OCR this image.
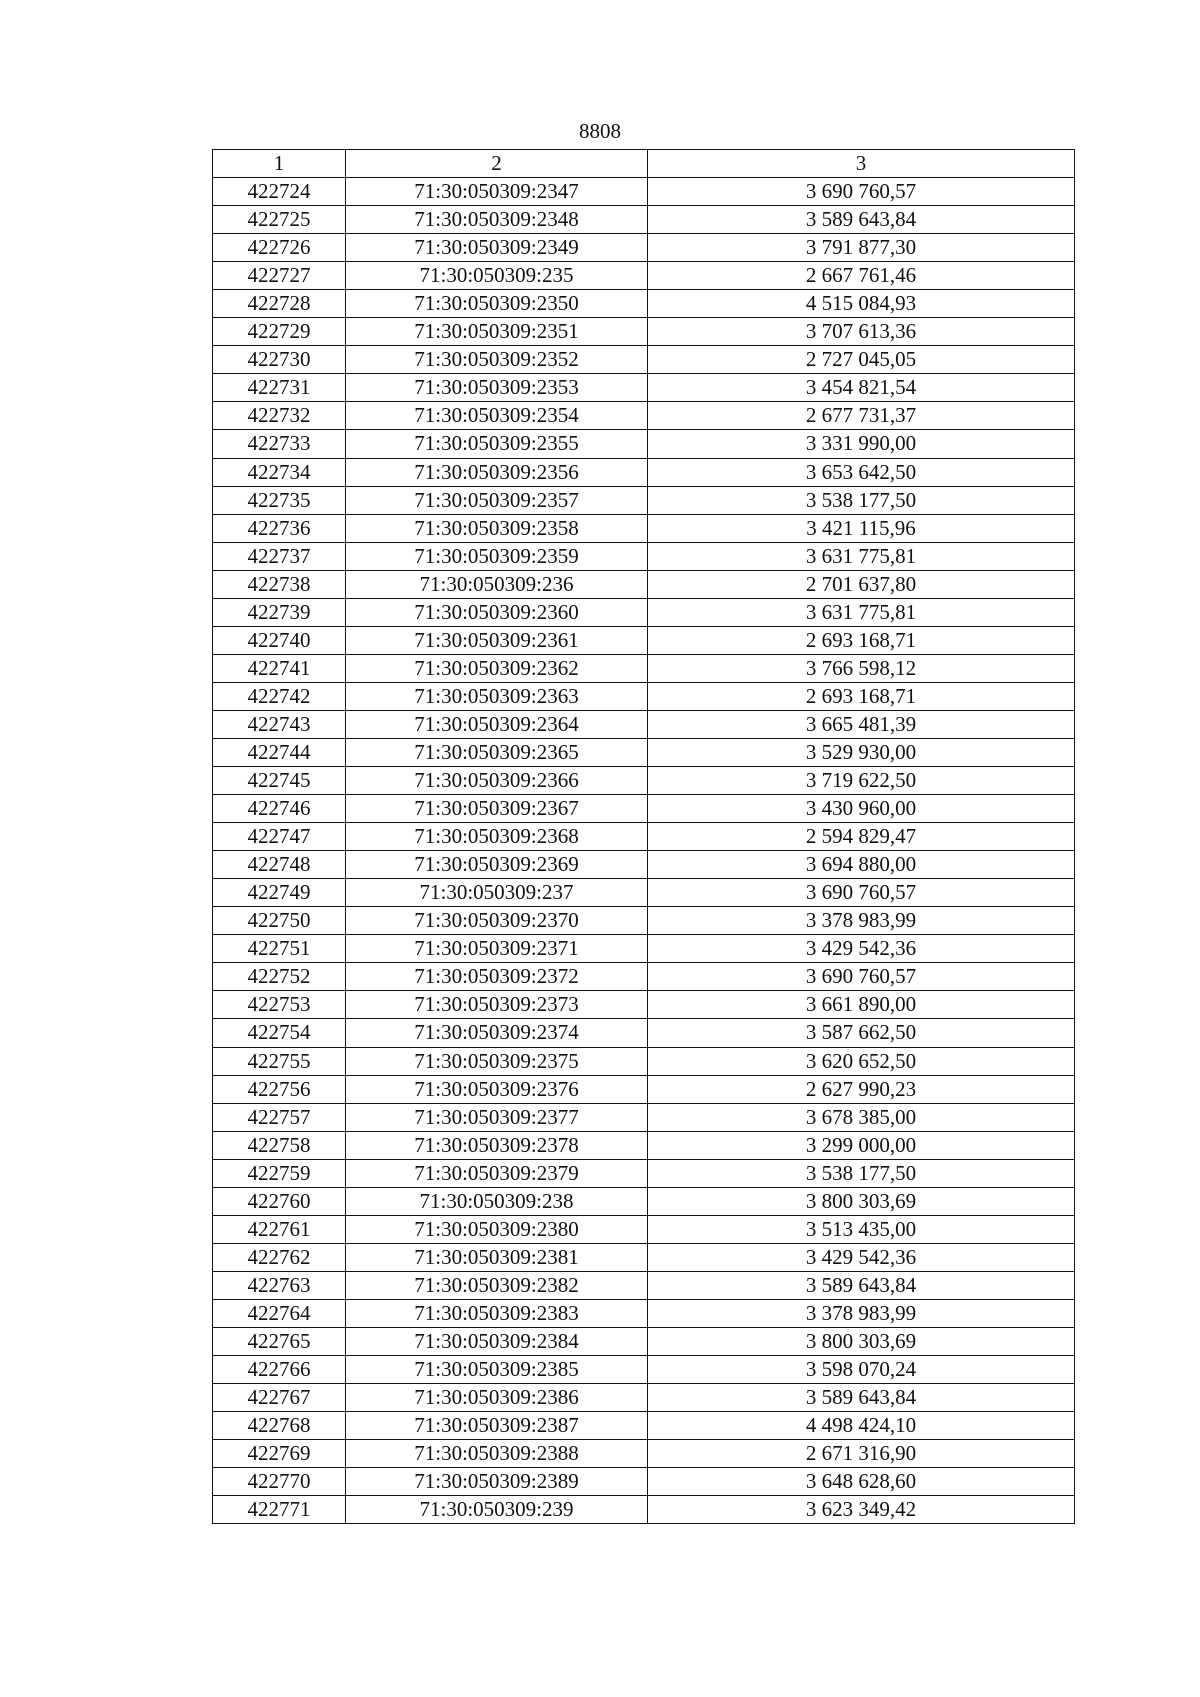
8808
1	2	3
422724	71:30:050309:2347	3 690 760,57
422725	71:30:050309:2348	3 589 643,84
422726	71:30:050309:2349	3 791 877,30
422727	71:30:050309:235	2 667 761,46
422728	71:30:050309:2350	4 515 084,93
422729	71:30:050309:2351	3 707 613,36
422730	71:30:050309:2352	2 727 045,05
422731	71:30:050309:2353	3 454 821,54
422732	71:30:050309:2354	2 677 731,37
422733	71:30:050309:2355	3 331 990,00
422734	71:30:050309:2356	3 653 642,50
422735	71:30:050309:2357	3 538 177,50
422736	71:30:050309:2358	3 421 115,96
422737	71:30:050309:2359	3 631 775,81
422738	71:30:050309:236	2 701 637,80
422739	71:30:050309:2360	3 631 775,81
422740	71:30:050309:2361	2 693 168,71
422741	71:30:050309:2362	3 766 598,12
422742	71:30:050309:2363	2 693 168,71
422743	71:30:050309:2364	3 665 481,39
422744	71:30:050309:2365	3 529 930,00
422745	71:30:050309:2366	3 719 622,50
422746	71:30:050309:2367	3 430 960,00
422747	71:30:050309:2368	2 594 829,47
422748	71:30:050309:2369	3 694 880,00
422749	71:30:050309:237	3 690 760,57
422750	71:30:050309:2370	3 378 983,99
422751	71:30:050309:2371	3 429 542,36
422752	71:30:050309:2372	3 690 760,57
422753	71:30:050309:2373	3 661 890,00
422754	71:30:050309:2374	3 587 662,50
422755	71:30:050309:2375	3 620 652,50
422756	71:30:050309:2376	2 627 990,23
422757	71:30:050309:2377	3 678 385,00
422758	71:30:050309:2378	3 299 000,00
422759	71:30:050309:2379	3 538 177,50
422760	71:30:050309:238	3 800 303,69
422761	71:30:050309:2380	3 513 435,00
422762	71:30:050309:2381	3 429 542,36
422763	71:30:050309:2382	3 589 643,84
422764	71:30:050309:2383	3 378 983,99
422765	71:30:050309:2384	3 800 303,69
422766	71:30:050309:2385	3 598 070,24
422767	71:30:050309:2386	3 589 643,84
422768	71:30:050309:2387	4 498 424,10
422769	71:30:050309:2388	2 671 316,90
422770	71:30:050309:2389	3 648 628,60
422771	71:30:050309:239	3 623 349,42
